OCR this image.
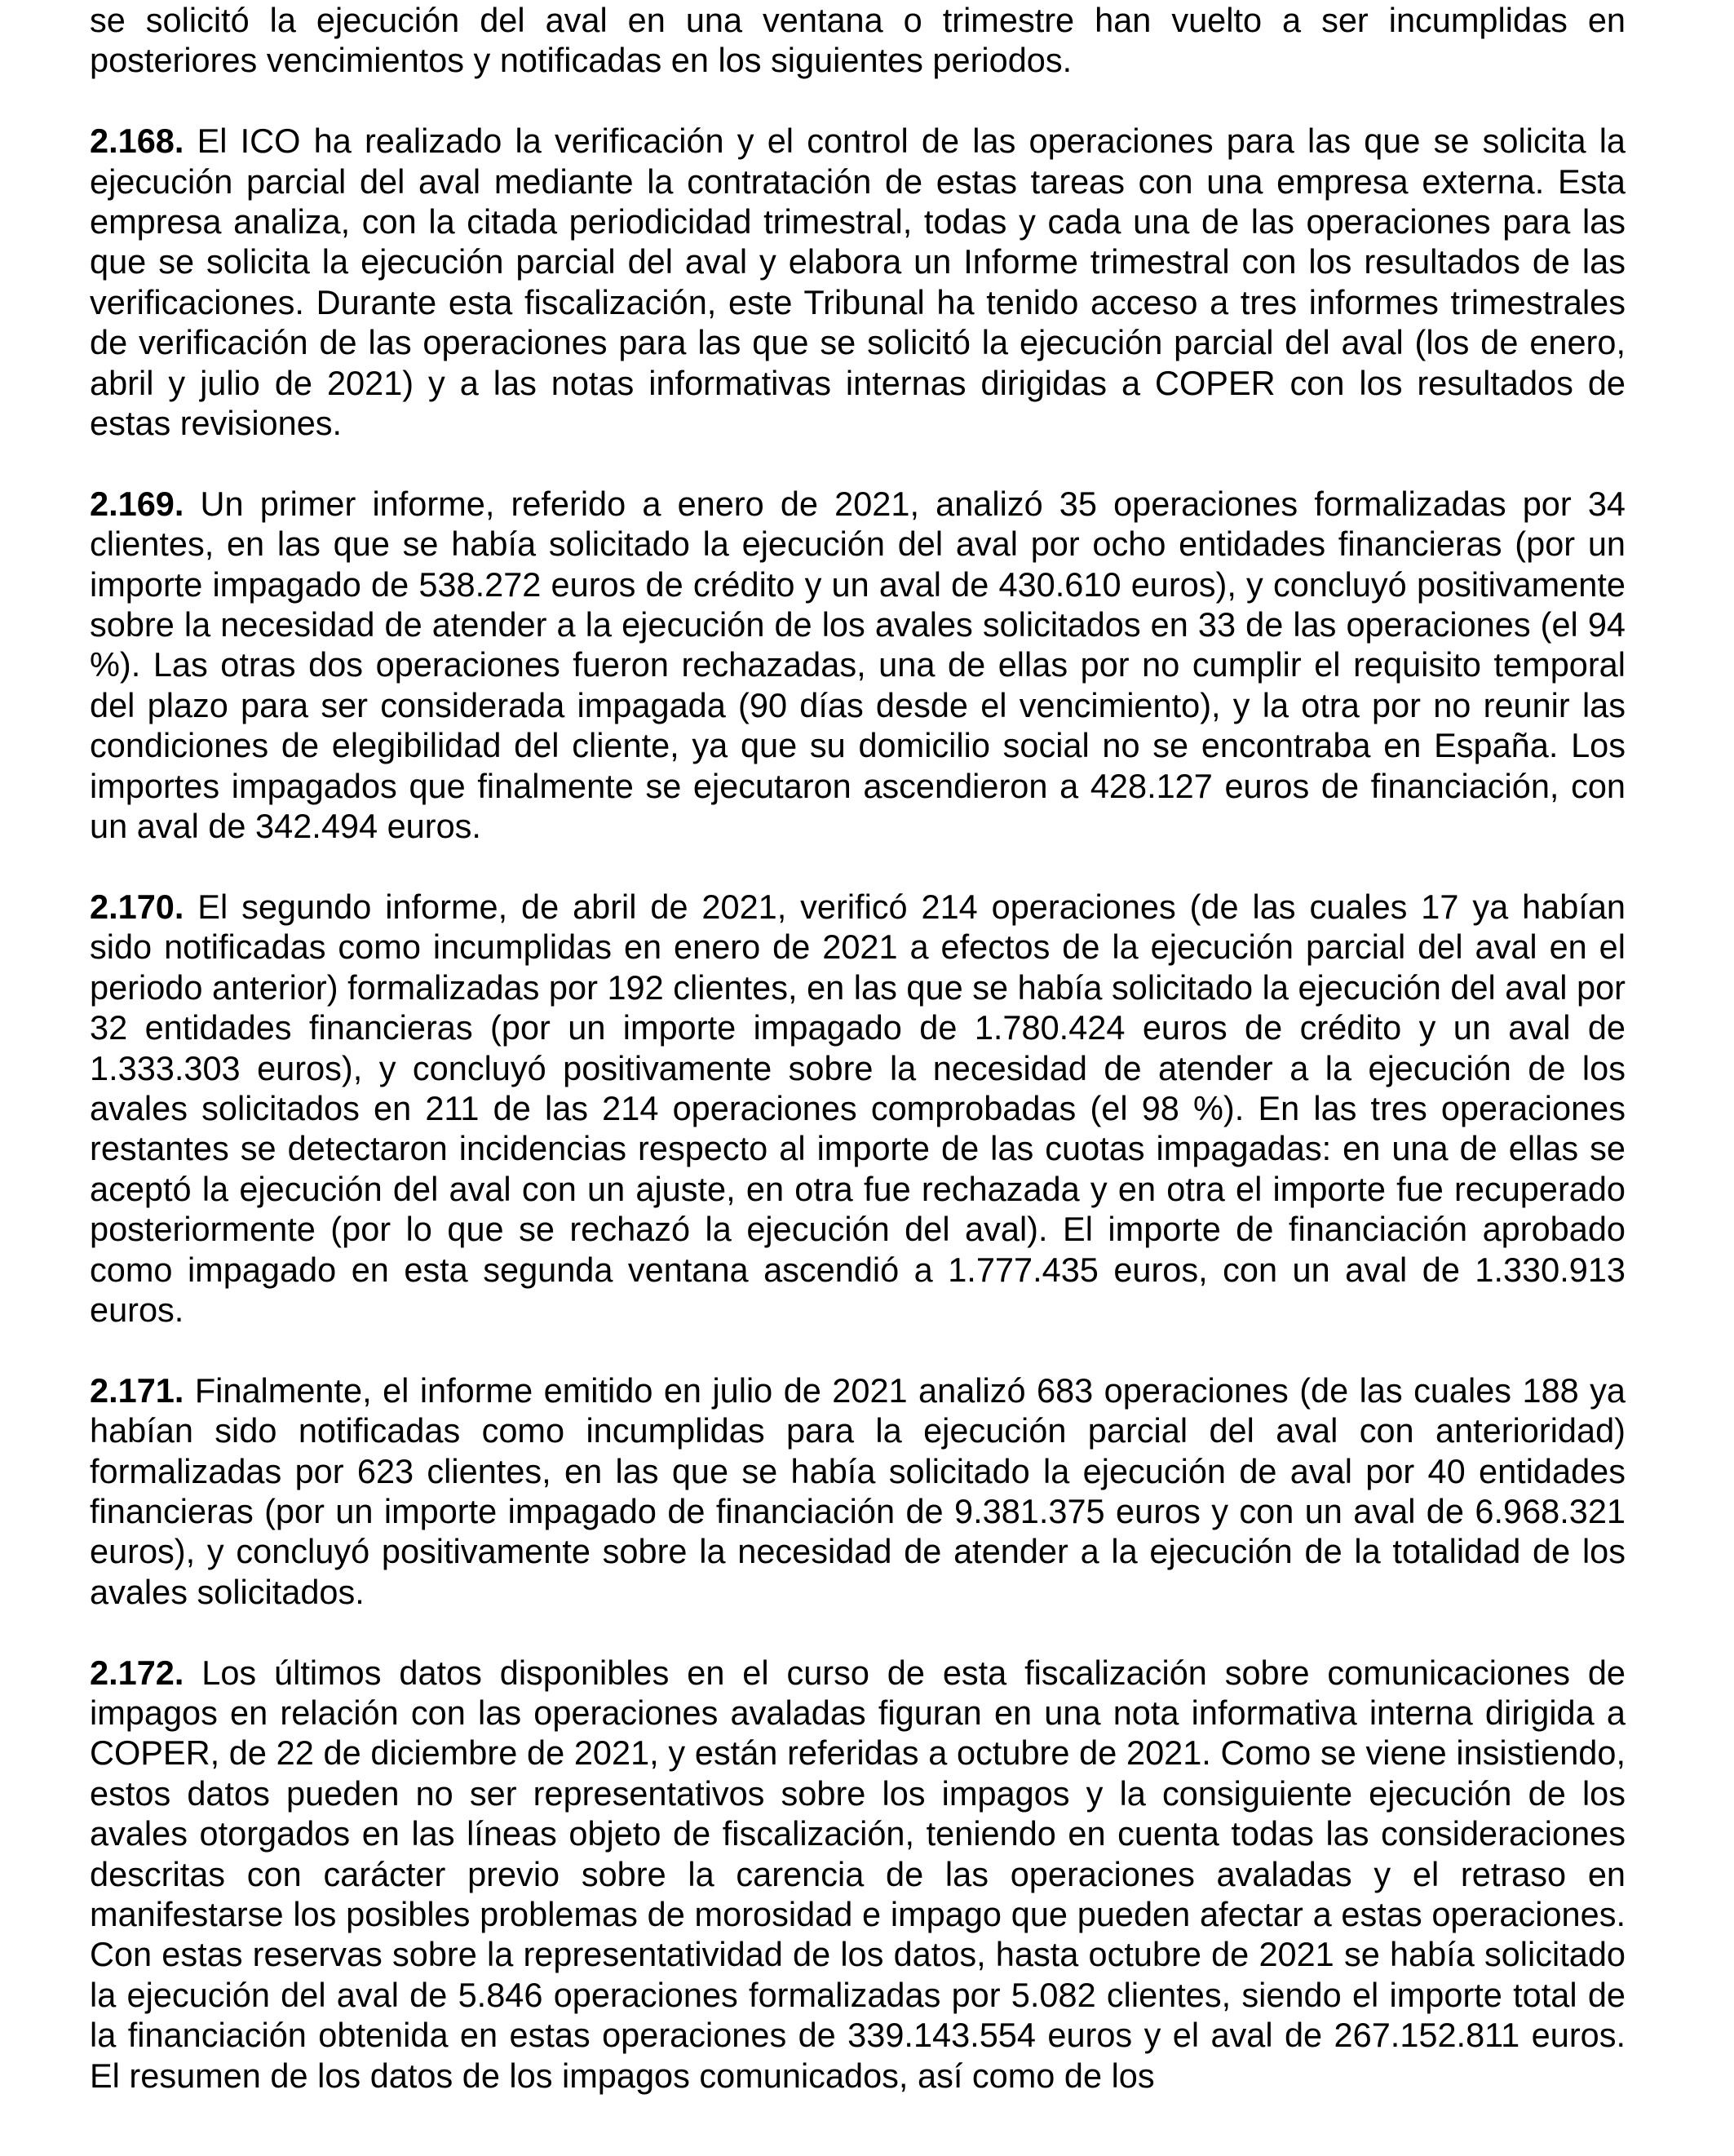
se solicitó la ejecución del aval en una ventana o trimestre han vuelto a ser incumplidas en posteriores vencimientos y notificadas en los siguientes periodos.

2.168. El ICO ha realizado la verificación y el control de las operaciones para las que se solicita la ejecución parcial del aval mediante la contratación de estas tareas con una empresa externa. Esta empresa analiza, con la citada periodicidad trimestral, todas y cada una de las operaciones para las que se solicita la ejecución parcial del aval y elabora un Informe trimestral con los resultados de las verificaciones. Durante esta fiscalización, este Tribunal ha tenido acceso a tres informes trimestrales de verificación de las operaciones para las que se solicitó la ejecución parcial del aval (los de enero, abril y julio de 2021) y a las notas informativas internas dirigidas a COPER con los resultados de estas revisiones.

2.169. Un primer informe, referido a enero de 2021, analizó 35 operaciones formalizadas por 34 clientes, en las que se había solicitado la ejecución del aval por ocho entidades financieras (por un importe impagado de 538.272 euros de crédito y un aval de 430.610 euros), y concluyó positivamente sobre la necesidad de atender a la ejecución de los avales solicitados en 33 de las operaciones (el 94 %). Las otras dos operaciones fueron rechazadas, una de ellas por no cumplir el requisito temporal del plazo para ser considerada impagada (90 días desde el vencimiento), y la otra por no reunir las condiciones de elegibilidad del cliente, ya que su domicilio social no se encontraba en España. Los importes impagados que finalmente se ejecutaron ascendieron a 428.127 euros de financiación, con un aval de 342.494 euros.

2.170. El segundo informe, de abril de 2021, verificó 214 operaciones (de las cuales 17 ya habían sido notificadas como incumplidas en enero de 2021 a efectos de la ejecución parcial del aval en el periodo anterior) formalizadas por 192 clientes, en las que se había solicitado la ejecución del aval por 32 entidades financieras (por un importe impagado de 1.780.424 euros de crédito y un aval de 1.333.303 euros), y concluyó positivamente sobre la necesidad de atender a la ejecución de los avales solicitados en 211 de las 214 operaciones comprobadas (el 98 %). En las tres operaciones restantes se detectaron incidencias respecto al importe de las cuotas impagadas: en una de ellas se aceptó la ejecución del aval con un ajuste, en otra fue rechazada y en otra el importe fue recuperado posteriormente (por lo que se rechazó la ejecución del aval). El importe de financiación aprobado como impagado en esta segunda ventana ascendió a 1.777.435 euros, con un aval de 1.330.913 euros.

2.171. Finalmente, el informe emitido en julio de 2021 analizó 683 operaciones (de las cuales 188 ya habían sido notificadas como incumplidas para la ejecución parcial del aval con anterioridad) formalizadas por 623 clientes, en las que se había solicitado la ejecución de aval por 40 entidades financieras (por un importe impagado de financiación de 9.381.375 euros y con un aval de 6.968.321 euros), y concluyó positivamente sobre la necesidad de atender a la ejecución de la totalidad de los avales solicitados.

2.172. Los últimos datos disponibles en el curso de esta fiscalización sobre comunicaciones de impagos en relación con las operaciones avaladas figuran en una nota informativa interna dirigida a COPER, de 22 de diciembre de 2021, y están referidas a octubre de 2021. Como se viene insistiendo, estos datos pueden no ser representativos sobre los impagos y la consiguiente ejecución de los avales otorgados en las líneas objeto de fiscalización, teniendo en cuenta todas las consideraciones descritas con carácter previo sobre la carencia de las operaciones avaladas y el retraso en manifestarse los posibles problemas de morosidad e impago que pueden afectar a estas operaciones. Con estas reservas sobre la representatividad de los datos, hasta octubre de 2021 se había solicitado la ejecución del aval de 5.846 operaciones formalizadas por 5.082 clientes, siendo el importe total de la financiación obtenida en estas operaciones de 339.143.554 euros y el aval de 267.152.811 euros. El resumen de los datos de los impagos comunicados, así como de los
